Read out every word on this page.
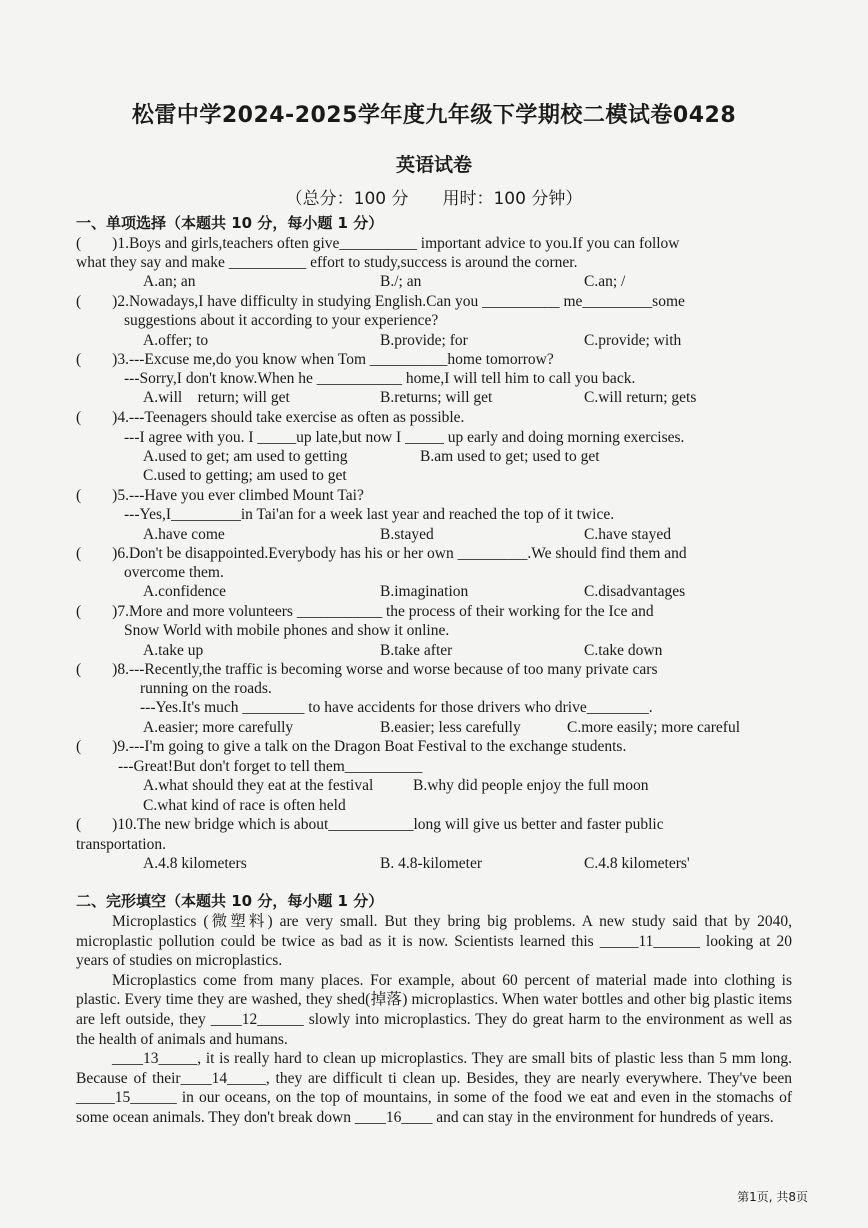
松雷中学2024-2025学年度九年级下学期校二模试卷0428
英语试卷
（总分：100 分　　用时：100 分钟）
一、单项选择（本题共 10 分，每小题 1 分）
(　　)1.Boys and girls,teachers often give__________ important advice to you.If you can follow
what they say and make __________ effort to study,success is around the corner.
A.an; an	B./; an	C.an; /
(　　)2.Nowadays,I have difficulty in studying English.Can you __________ me_________some
suggestions about it according to your experience?
A.offer; to	B.provide; for	C.provide; with
(　　)3.---Excuse me,do you know when Tom __________home tomorrow?
---Sorry,I don't know.When he ___________ home,I will tell him to call you back.
A.will　return; will get	B.returns; will get	C.will return; gets
(　　)4.---Teenagers should take exercise as often as possible.
---I agree with you. I _____up late,but now I _____ up early and doing morning exercises.
A.used to get; am used to getting	B.am used to get; used to get
C.used to getting; am used to get
(　　)5.---Have you ever climbed Mount Tai?
---Yes,I_________in Tai'an for a week last year and reached the top of it twice.
A.have come	B.stayed	C.have stayed
(　　)6.Don't be disappointed.Everybody has his or her own _________.We should find them and
overcome them.
A.confidence	B.imagination	C.disadvantages
(　　)7.More and more volunteers ___________ the process of their working for the Ice and
Snow World with mobile phones and show it online.
A.take up	B.take after	C.take down
(　　)8.---Recently,the traffic is becoming worse and worse because of too many private cars
running on the roads.
---Yes.It's much ________ to have accidents for those drivers who drive________.
A.easier; more carefully	B.easier; less carefully	C.more easily; more careful
(　　)9.---I'm going to give a talk on the Dragon Boat Festival to the exchange students.
---Great!But don't forget to tell them__________
A.what should they eat at the festival	B.why did people enjoy the full moon
C.what kind of race is often held
(　　)10.The new bridge which is about___________long will give us better and faster public
transportation.
A.4.8 kilometers	B. 4.8-kilometer	C.4.8 kilometers'
二、完形填空（本题共 10 分，每小题 1 分）

Microplastics (微塑料) are very small. But they bring big problems. A new study said that by 2040, microplastic pollution could be twice as bad as it is now. Scientists learned this _____11______ looking at 20 years of studies on microplastics.

Microplastics come from many places. For example, about 60 percent of material made into clothing is plastic. Every time they are washed, they shed(掉落) microplastics. When water bottles and other big plastic items are left outside, they ____12______ slowly into microplastics. They do great harm to the environment as well as the health of animals and humans.

____13_____, it is really hard to clean up microplastics. They are small bits of plastic less than 5 mm long. Because of their____14_____, they are difficult ti clean up. Besides, they are nearly everywhere. They've been _____15______ in our oceans, on the top of mountains, in some of the food we eat and even in the stomachs of some ocean animals. They don't break down ____16____ and can stay in the environment for hundreds of years.

第1页, 共8页
